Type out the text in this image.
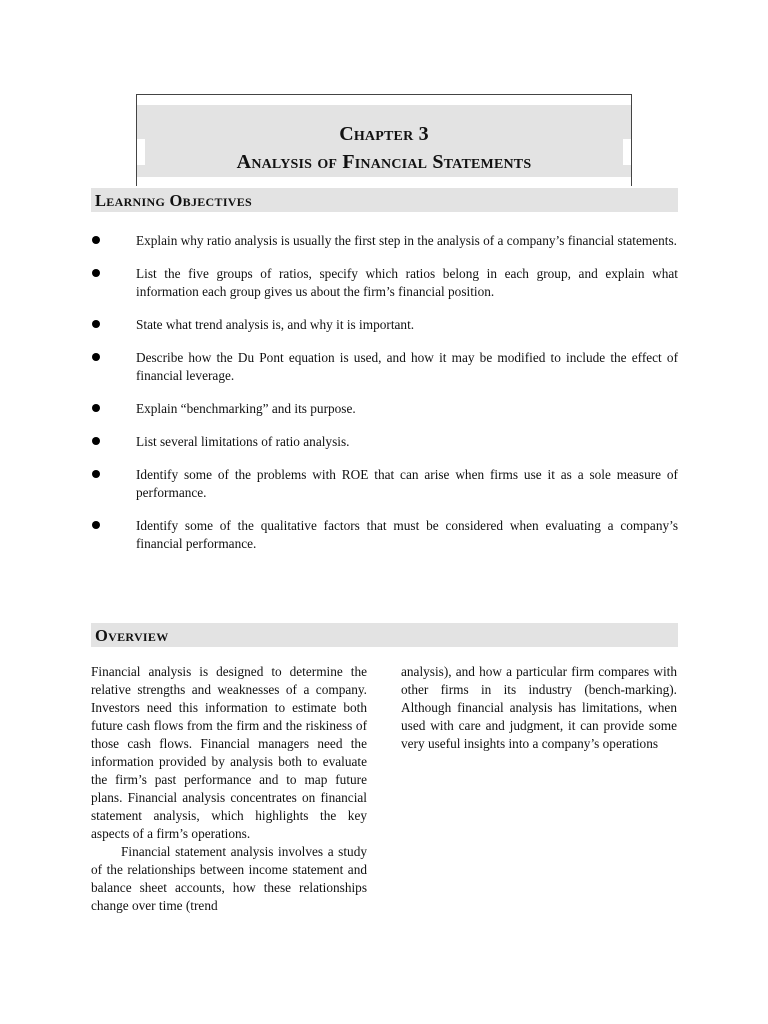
Chapter 3
Analysis of Financial Statements
Learning Objectives
Explain why ratio analysis is usually the first step in the analysis of a company’s financial statements.
List the five groups of ratios, specify which ratios belong in each group, and explain what information each group gives us about the firm’s financial position.
State what trend analysis is, and why it is important.
Describe how the Du Pont equation is used, and how it may be modified to include the effect of financial leverage.
Explain “benchmarking” and its purpose.
List several limitations of ratio analysis.
Identify some of the problems with ROE that can arise when firms use it as a sole measure of performance.
Identify some of the qualitative factors that must be considered when evaluating a company’s financial performance.
Overview

Financial analysis is designed to determine the relative strengths and weaknesses of a company. Investors need this information to estimate both future cash flows from the firm and the riskiness of those cash flows. Financial managers need the information provided by analysis both to evaluate the firm’s past performance and to map future plans. Financial analysis concentrates on financial statement analysis, which highlights the key aspects of a firm’s operations.

Financial statement analysis involves a study of the relationships between income statement and balance sheet accounts, how these relationships change over time (trend

analysis), and how a particular firm compares with other firms in its industry (bench-marking). Although financial analysis has limitations, when used with care and judgment, it can provide some very useful insights into a company’s operations
